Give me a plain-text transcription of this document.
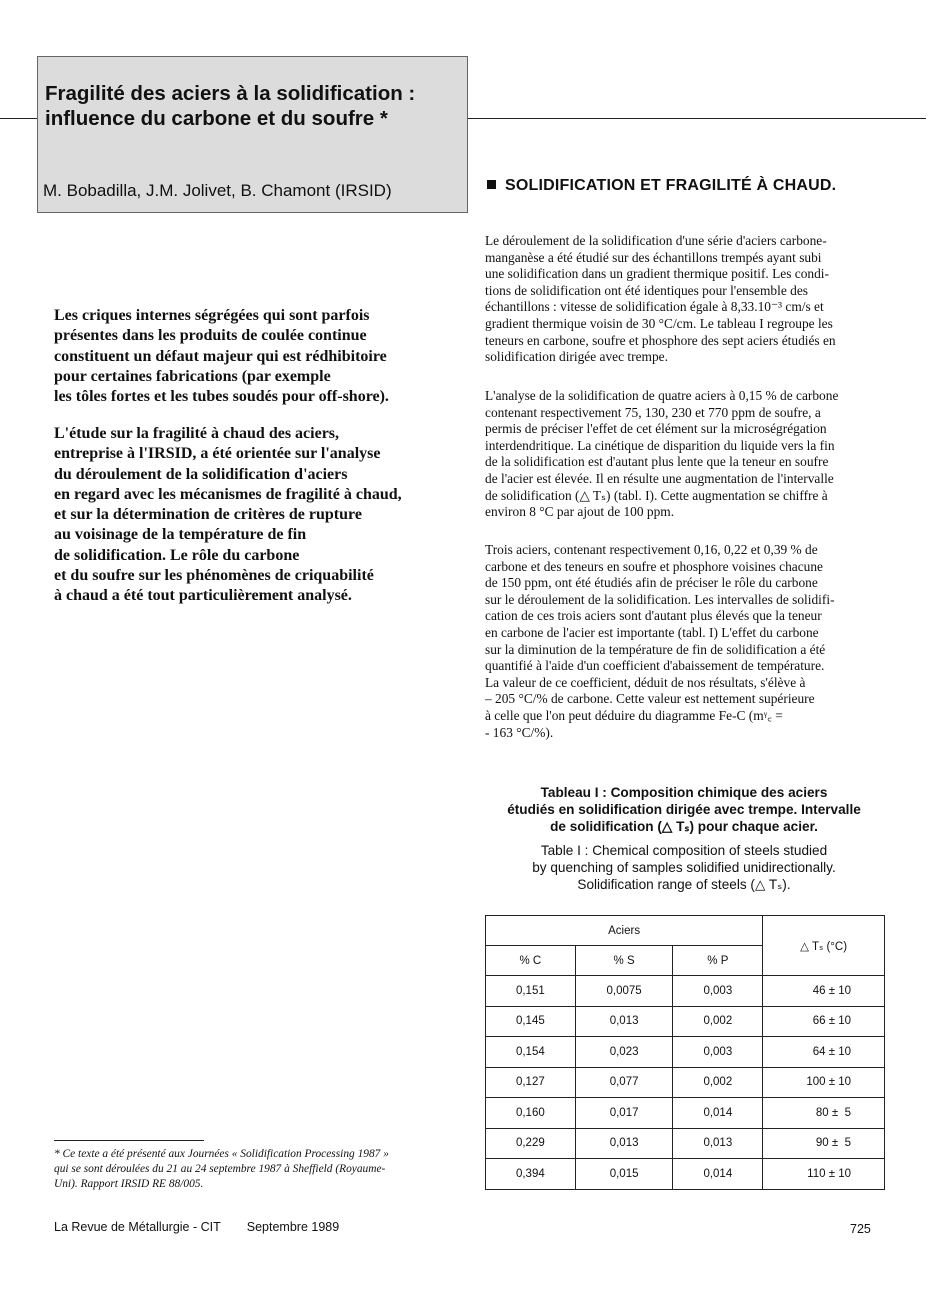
Fragilité des aciers à la solidification :
influence du carbone et du soufre *

M. Bobadilla, J.M. Jolivet, B. Chamont (IRSID)	SOLIDIFICATION ET FRAGILITÉ À CHAUD.
Les criques internes ségrégées qui sont parfois
présentes dans les produits de coulée continue
constituent un défaut majeur qui est rédhibitoire
pour certaines fabrications (par exemple
les tôles fortes et les tubes soudés pour off-shore).
L'étude sur la fragilité à chaud des aciers,
entreprise à l'IRSID, a été orientée sur l'analyse
du déroulement de la solidification d'aciers
en regard avec les mécanismes de fragilité à chaud,
et sur la détermination de critères de rupture
au voisinage de la température de fin
de solidification. Le rôle du carbone
et du soufre sur les phénomènes de criquabilité
à chaud a été tout particulièrement analysé.
Le déroulement de la solidification d'une série d'aciers carbone-
manganèse a été étudié sur des échantillons trempés ayant subi
une solidification dans un gradient thermique positif. Les condi-
tions de solidification ont été identiques pour l'ensemble des
échantillons : vitesse de solidification égale à 8,33.10⁻³ cm/s et
gradient thermique voisin de 30 °C/cm. Le tableau I regroupe les
teneurs en carbone, soufre et phosphore des sept aciers étudiés en
solidification dirigée avec trempe.
L'analyse de la solidification de quatre aciers à 0,15 % de carbone
contenant respectivement 75, 130, 230 et 770 ppm de soufre, a
permis de préciser l'effet de cet élément sur la microségrégation
interdendritique. La cinétique de disparition du liquide vers la fin
de la solidification est d'autant plus lente que la teneur en soufre
de l'acier est élevée. Il en résulte une augmentation de l'intervalle
de solidification (△ Tₛ) (tabl. I). Cette augmentation se chiffre à
environ 8 °C par ajout de 100 ppm.
Trois aciers, contenant respectivement 0,16, 0,22 et 0,39 % de
carbone et des teneurs en soufre et phosphore voisines chacune
de 150 ppm, ont été étudiés afin de préciser le rôle du carbone
sur le déroulement de la solidification. Les intervalles de solidifi-
cation de ces trois aciers sont d'autant plus élevés que la teneur
en carbone de l'acier est importante (tabl. I) L'effet du carbone
sur la diminution de la température de fin de solidification a été
quantifié à l'aide d'un coefficient d'abaissement de température.
La valeur de ce coefficient, déduit de nos résultats, s'élève à
– 205 °C/% de carbone. Cette valeur est nettement supérieure
à celle que l'on peut déduire du diagramme Fe-C (mᵞ꜀ =
- 163 °C/%).
Tableau I : Composition chimique des aciers
étudiés en solidification dirigée avec trempe. Intervalle
de solidification (△ Tₛ) pour chaque acier.
Table I : Chemical composition of steels studied
by quenching of samples solidified unidirectionally.
Solidification range of steels (△ Tₛ).
Aciers			△ Tₛ (°C)
% C	% S	% P	
0,151	0,0075	0,003	46 ± 10
0,145	0,013	0,002	66 ± 10
0,154	0,023	0,003	64 ± 10
0,127	0,077	0,002	100 ± 10
0,160	0,017	0,014	80 ±  5
0,229	0,013	0,013	90 ±  5
0,394	0,015	0,014	110 ± 10
* Ce texte a été présenté aux Journées « Solidification Processing 1987 »
qui se sont déroulées du 21 au 24 septembre 1987 à Sheffield (Royaume-
Uni). Rapport IRSID RE 88/005.

La Revue de Métallurgie - CIT Septembre 1989	725
